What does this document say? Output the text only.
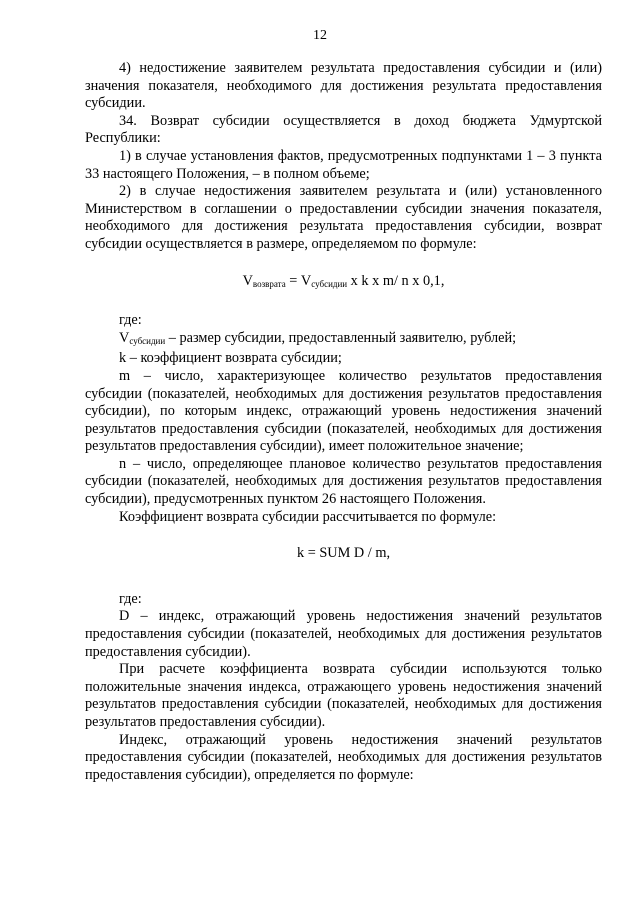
12

4) недостижение заявителем результата предоставления субсидии и (или) значения показателя, необходимого для достижения результата предоставления субсидии.

34. Возврат субсидии осуществляется в доход бюджета Удмуртской Республики:

1) в случае установления фактов, предусмотренных подпунктами 1 – 3 пункта 33 настоящего Положения, – в полном объеме;

2) в случае недостижения заявителем результата и (или) установленного Министерством в соглашении о предоставлении субсидии значения показателя, необходимого для достижения результата предоставления субсидии, возврат субсидии осуществляется в размере, определяемом по формуле:

$V_{возврата} = V_{субсидии}$ x k x m/ n x 0,1,

где:

$V_{субсидии}$ – размер субсидии, предоставленный заявителю, рублей;

k – коэффициент возврата субсидии;

m – число, характеризующее количество результатов предоставления субсидии (показателей, необходимых для достижения результатов предоставления субсидии), по которым индекс, отражающий уровень недостижения значений результатов предоставления субсидии (показателей, необходимых для достижения результатов предоставления субсидии), имеет положительное значение;

n – число, определяющее плановое количество результатов предоставления субсидии (показателей, необходимых для достижения результатов предоставления субсидии), предусмотренных пунктом 26 настоящего Положения.

Коэффициент возврата субсидии рассчитывается по формуле:

k = SUM D / m,

где:

D – индекс, отражающий уровень недостижения значений результатов предоставления субсидии (показателей, необходимых для достижения результатов предоставления субсидии).

При расчете коэффициента возврата субсидии используются только положительные значения индекса, отражающего уровень недостижения значений результатов предоставления субсидии (показателей, необходимых для достижения результатов предоставления субсидии).

Индекс, отражающий уровень недостижения значений результатов предоставления субсидии (показателей, необходимых для достижения результатов предоставления субсидии), определяется по формуле:
